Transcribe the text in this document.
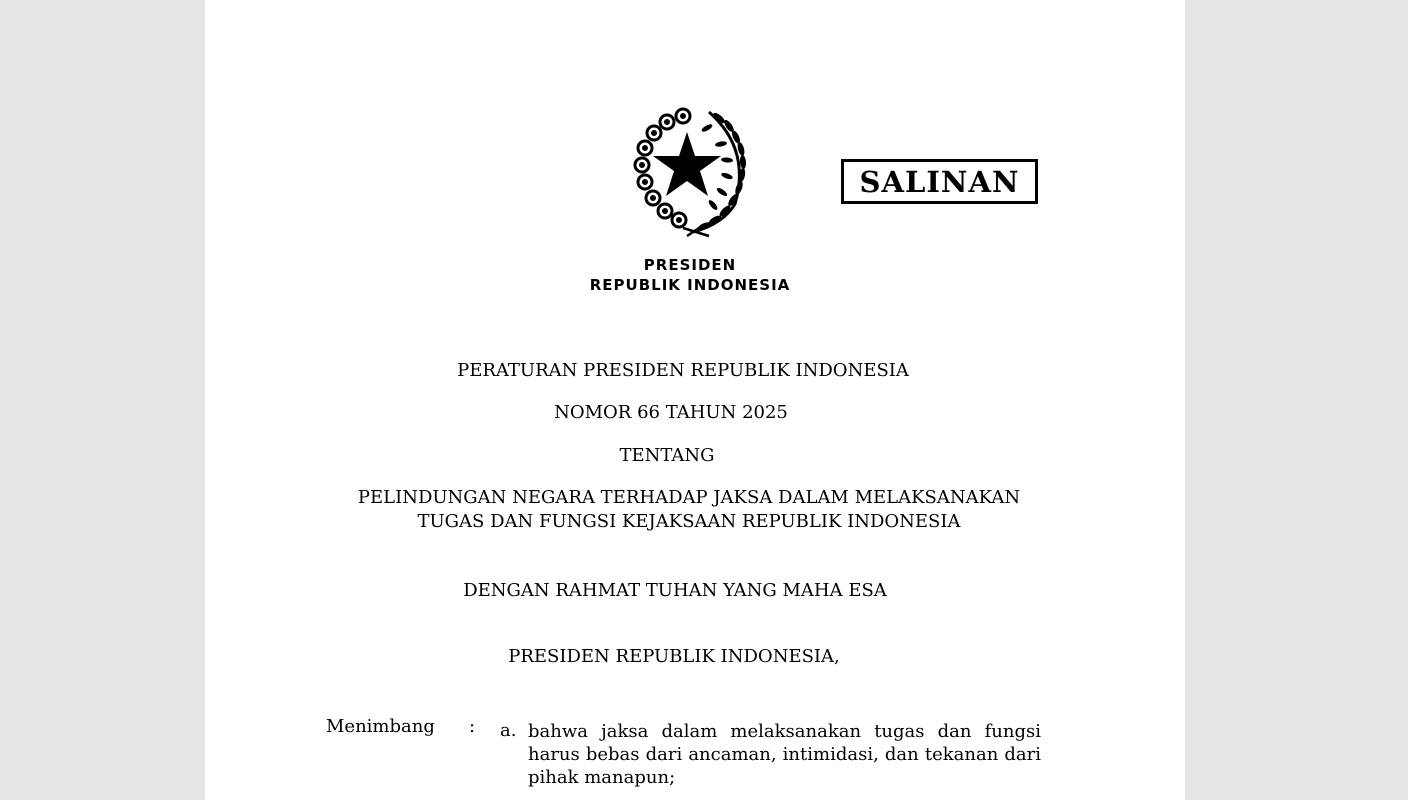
SALINAN
PRESIDEN
REPUBLIK INDONESIA
PERATURAN PRESIDEN REPUBLIK INDONESIA
NOMOR 66 TAHUN 2025
TENTANG
PELINDUNGAN NEGARA TERHADAP JAKSA DALAM MELAKSANAKAN
TUGAS DAN FUNGSI KEJAKSAAN REPUBLIK INDONESIA
DENGAN RAHMAT TUHAN YANG MAHA ESA
PRESIDEN REPUBLIK INDONESIA,
Menimbang : a. bahwa jaksa dalam melaksanakan tugas dan fungsi harus bebas dari ancaman, intimidasi, dan tekanan dari pihak manapun;
